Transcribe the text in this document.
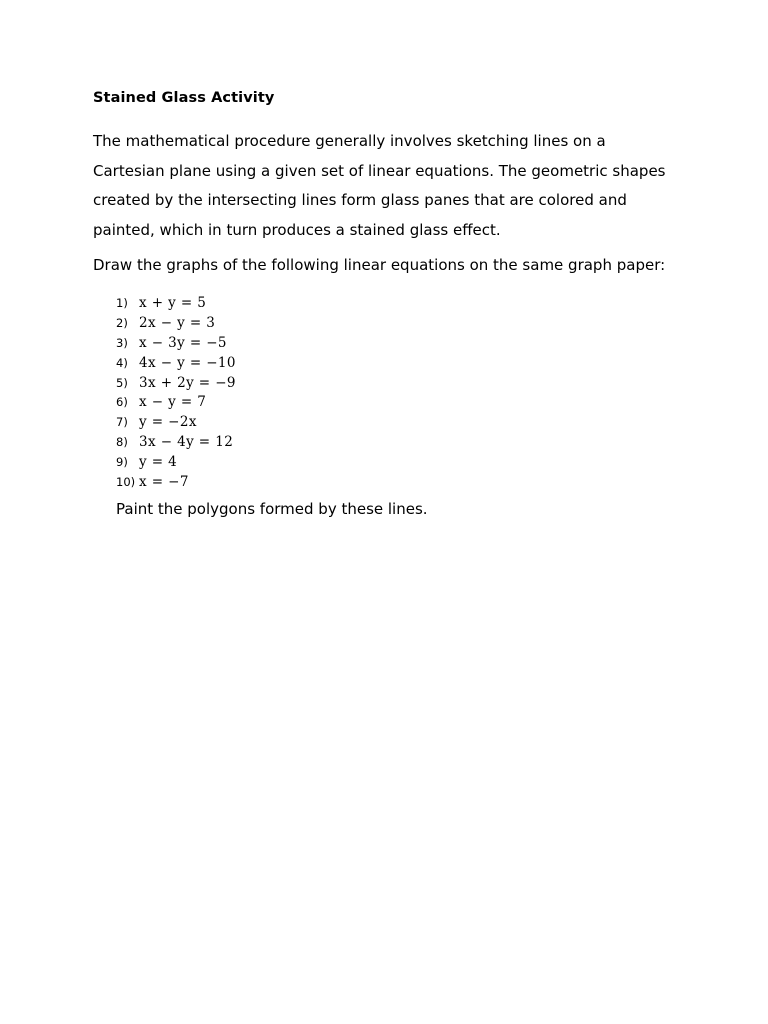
Stained Glass Activity
The mathematical procedure generally involves sketching lines on a Cartesian plane using a given set of linear equations. The geometric shapes created by the intersecting lines form glass panes that are colored and painted, which in turn produces a stained glass effect.
Draw the graphs of the following linear equations on the same graph paper:
1) x + y = 5
2) 2x − y = 3
3) x − 3y = −5
4) 4x − y = −10
5) 3x + 2y = −9
6) x − y = 7
7) y = −2x
8) 3x − 4y = 12
9) y = 4
10) x = −7
Paint the polygons formed by these lines.
